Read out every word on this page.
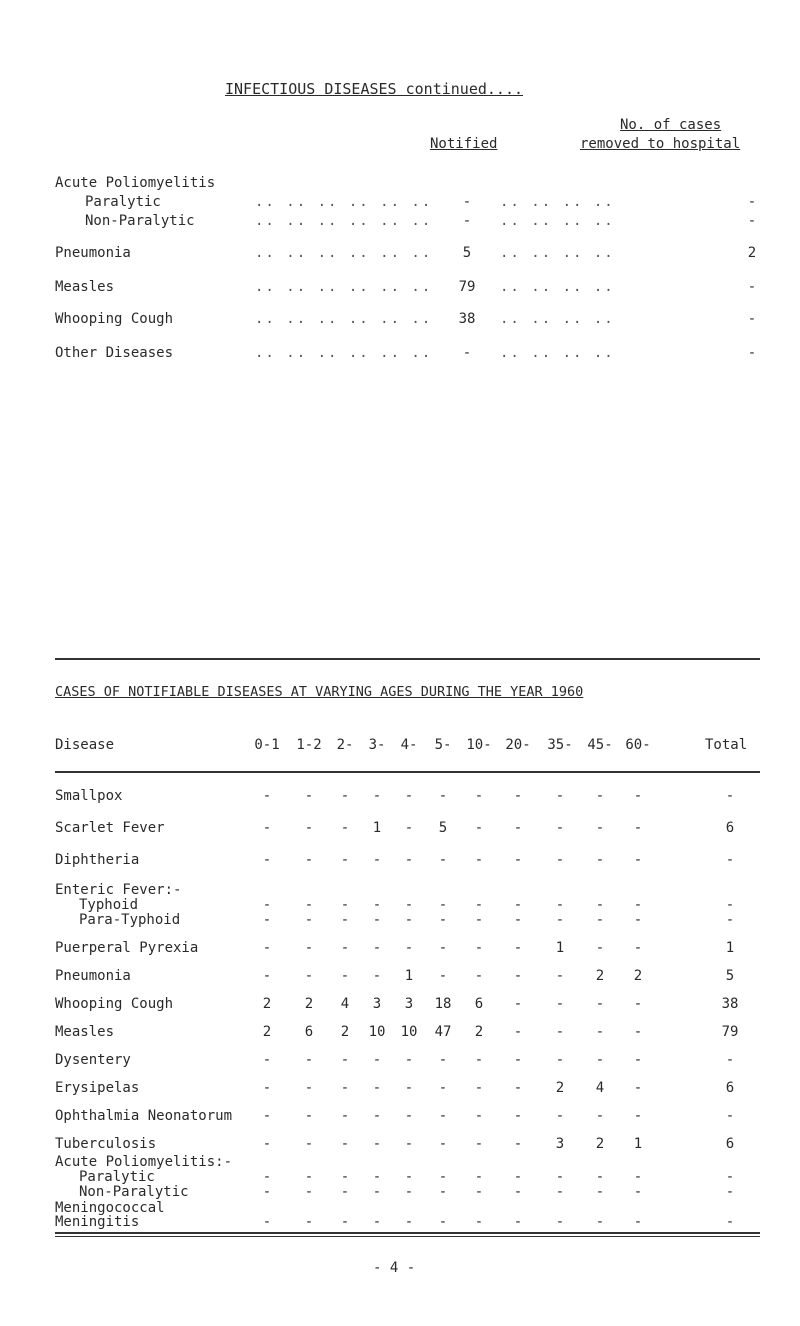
INFECTIOUS DISEASES continued....
No. of cases
Notified	removed to hospital
Acute Poliomyelitis
Paralytic	.. .. .. .. .. ..	-	.. .. .. ..	-
Non-Paralytic	.. .. .. .. .. ..	-	.. .. .. ..	-
Pneumonia	.. .. .. .. .. ..	5	.. .. .. ..	2
Measles	.. .. .. .. .. ..	79	.. .. .. ..	-
Whooping Cough	.. .. .. .. .. ..	38	.. .. .. ..	-
Other Diseases	.. .. .. .. .. ..	-	.. .. .. ..	-
CASES OF NOTIFIABLE DISEASES AT VARYING AGES DURING THE YEAR 1960
Disease	0-1	1-2	2-	3-	4-	5-	10- 20-	35-	45- 60-	Total
Smallpox	-	-	-	-	-	-	-	-	-	-	-	-
Scarlet Fever	-	-	-	1	-	5	-	-	-	-	-	6
Diphtheria	-	-	-	-	-	-	-	-	-	-	-	-
Enteric Fever:-
Typhoid	-	-	-	-	-	-	-	-	-	-	-	-
Para-Typhoid	-	-	-	-	-	-	-	-	-	-	-	-
Puerperal Pyrexia	-	-	-	-	-	-	-	-	1	-	-	1
Pneumonia	-	-	-	-	1	-	-	-	-	2	2	5
Whooping Cough	2	2	4	3	3	18	6	-	-	-	-	38
Measles	2	6	2	10	10	47	2	-	-	-	-	79
Dysentery	-	-	-	-	-	-	-	-	-	-	-	-
Erysipelas	-	-	-	-	-	-	-	-	2	4	-	6
Ophthalmia Neonatorum	-	-	-	-	-	-	-	-	-	-	-	-
Tuberculosis	-	-	-	-	-	-	-	-	3	2	1	6
Acute Poliomyelitis:-
Paralytic	-	-	-	-	-	-	-	-	-	-	-	-
Non-Paralytic	-	-	-	-	-	-	-	-	-	-	-	-
Meningococcal
Meningitis	-	-	-	-	-	-	-	-	-	-	-	-
- 4 -
